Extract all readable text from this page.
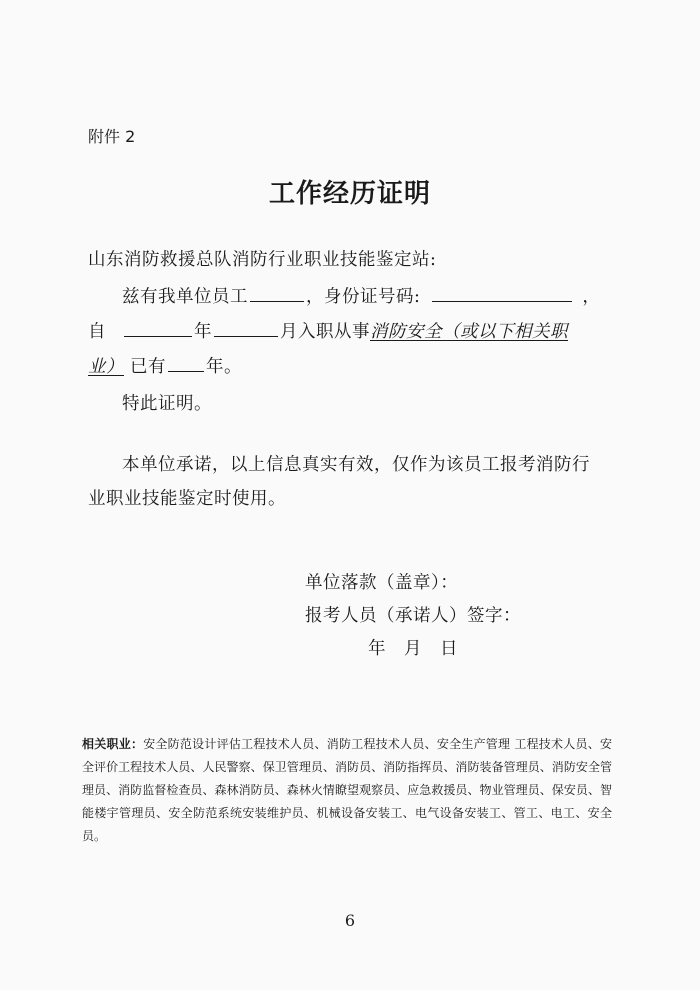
附件 2
工作经历证明
山东消防救援总队消防行业职业技能鉴定站:
兹有我单位员工	，身份证号码:	，
自	年	月入职从事消防安全（或以下相关职
业） 已有 年。
特此证明。
本单位承诺，以上信息真实有效，仅作为该员工报考消防行
业职业技能鉴定时使用。
单位落款（盖章）：
报考人员（承诺人）签字：
年　月　日
相关职业：安全防范设计评估工程技术人员、消防工程技术人员、安全生产管理 工程技术人员、安全评价工程技术人员、人民警察、保卫管理员、消防员、消防指挥员、消防装备管理员、消防安全管理员、消防监督检查员、森林消防员、森林火情瞭望观察员、应急救援员、物业管理员、保安员、智能楼宇管理员、安全防范系统安装维护员、机械设备安装工、电气设备安装工、管工、电工、安全员。
6
